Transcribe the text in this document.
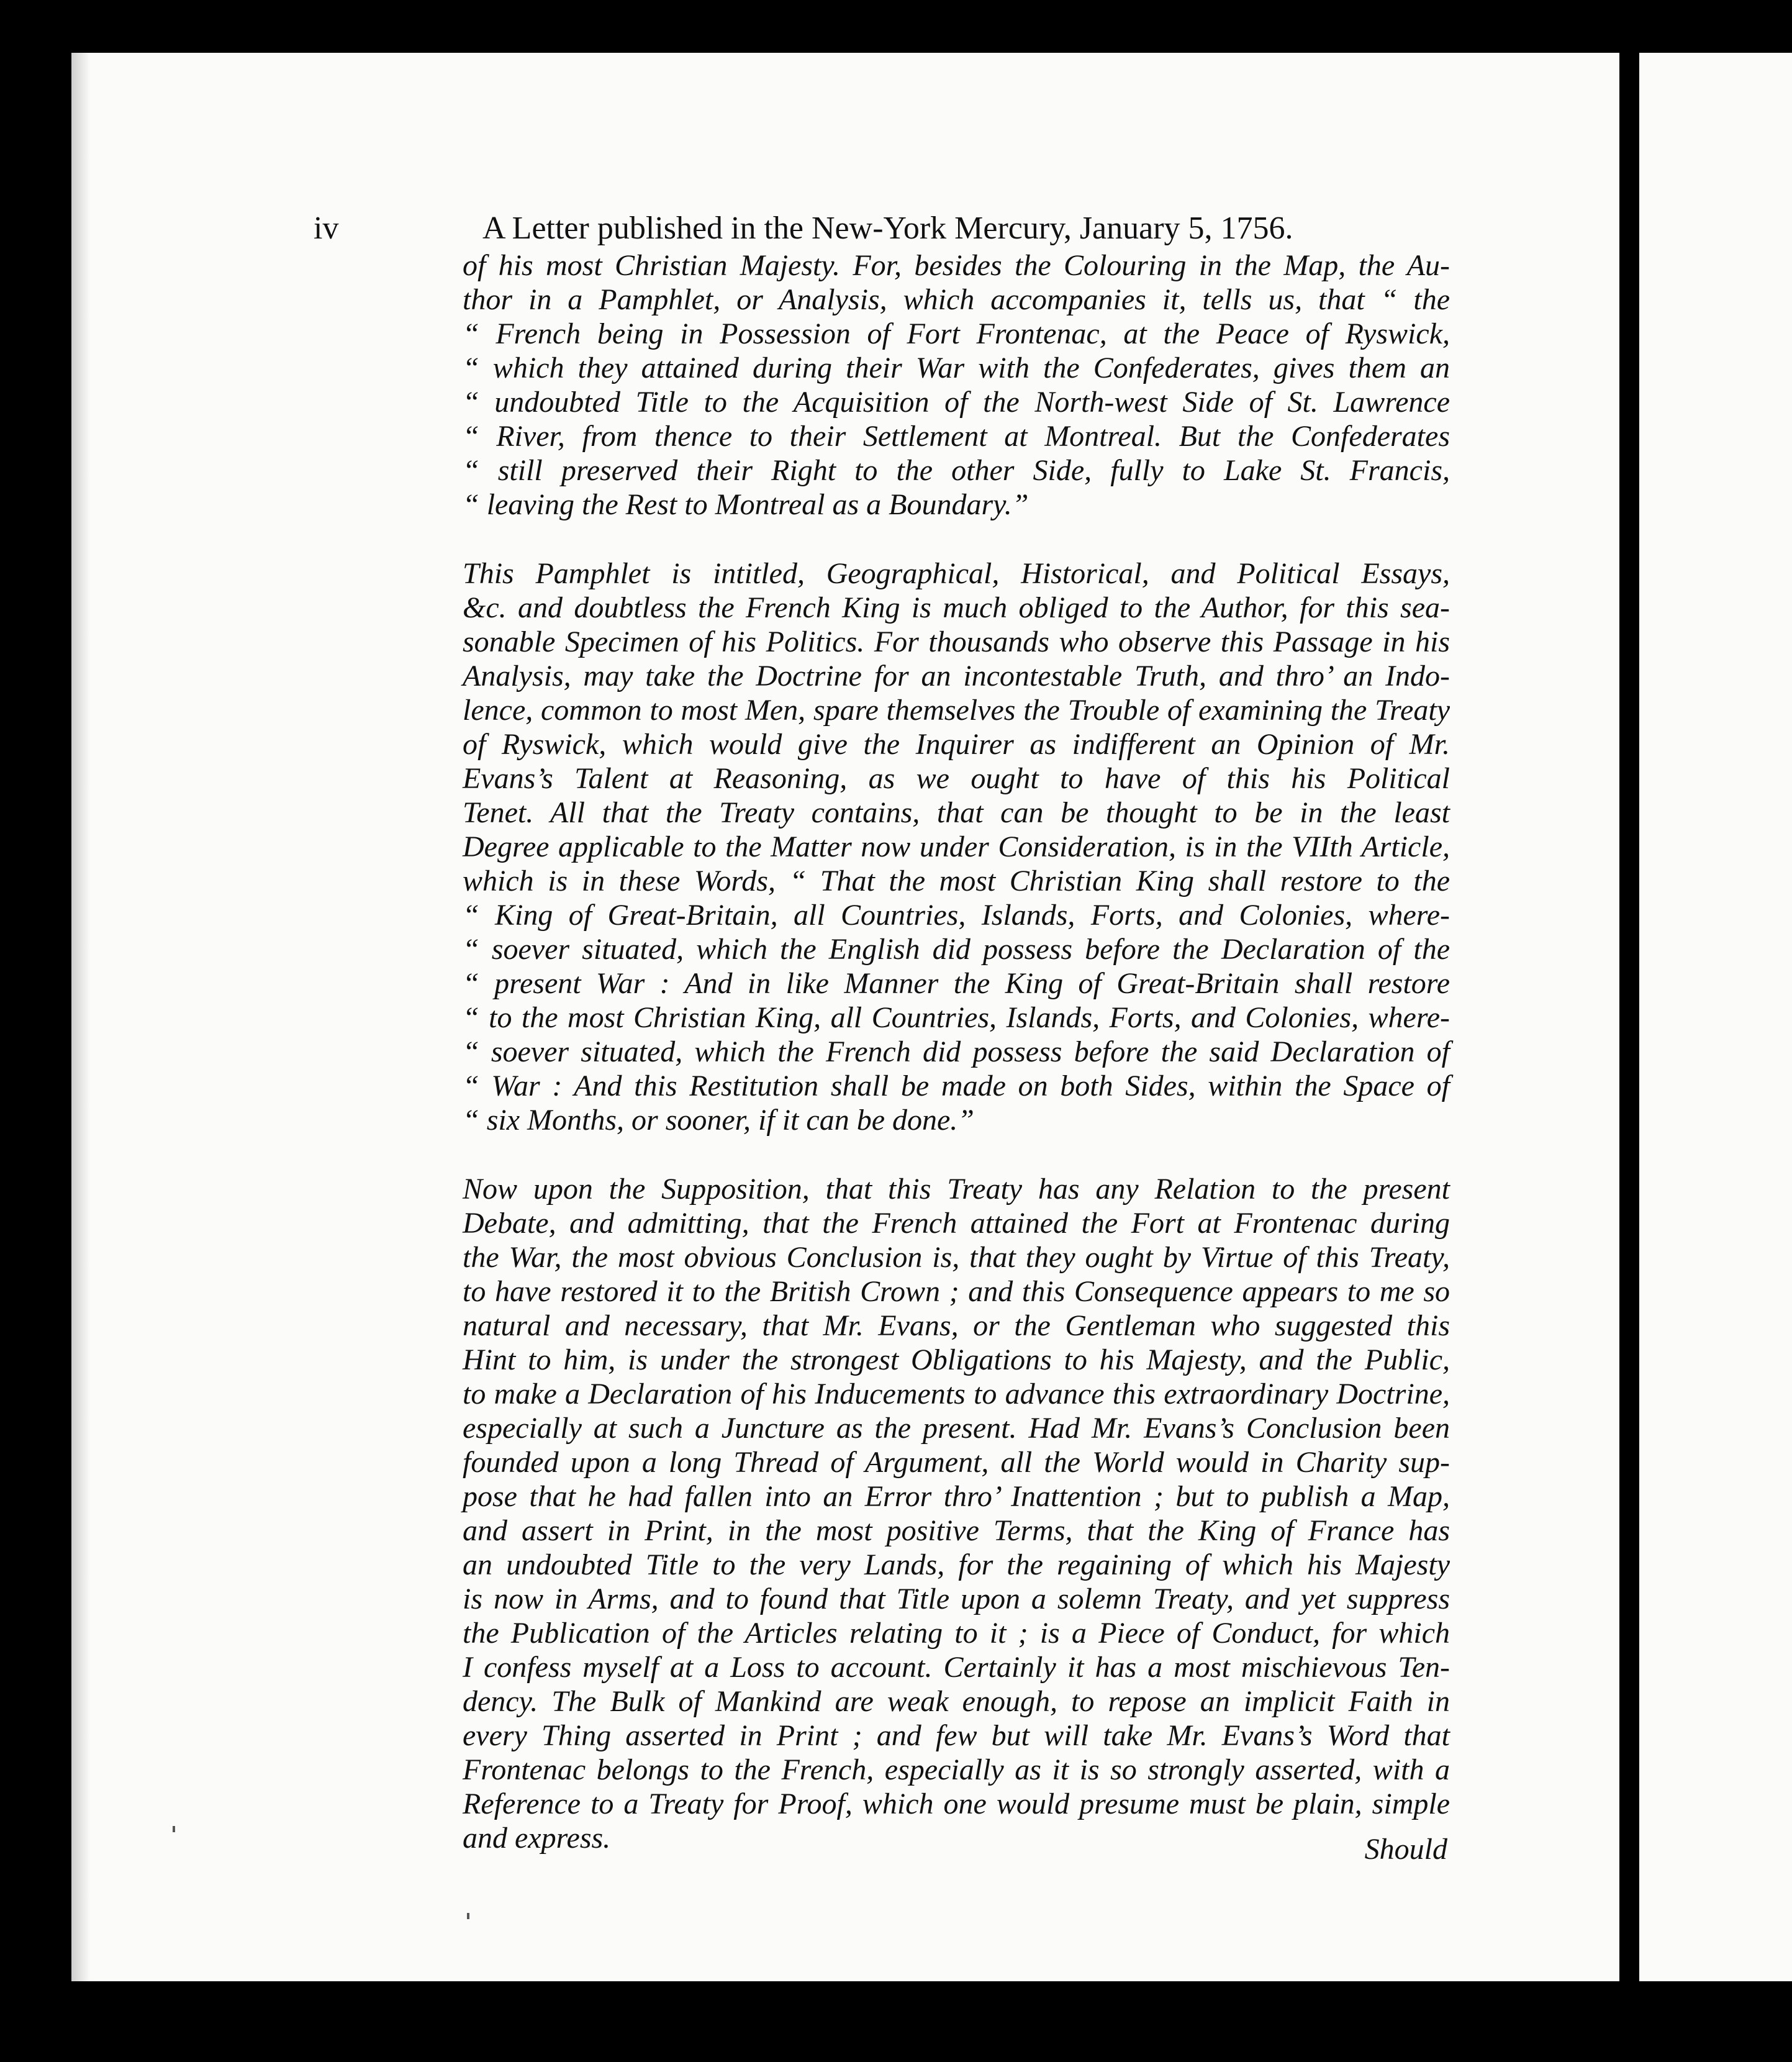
iv	A Letter published in the New-York Mercury, January 5, 1756.
of his most Christian Majesty. For, besides the Colouring in the Map, the Au-
thor in a Pamphlet, or Analysis, which accompanies it, tells us, that “ the
“ French being in Possession of Fort Frontenac, at the Peace of Ryswick,
“ which they attained during their War with the Confederates, gives them an
“ undoubted Title to the Acquisition of the North-west Side of St. Lawrence
“ River, from thence to their Settlement at Montreal. But the Confederates
“ still preserved their Right to the other Side, fully to Lake St. Francis,
“ leaving the Rest to Montreal as a Boundary.”
This Pamphlet is intitled, Geographical, Historical, and Political Essays,
&c. and doubtless the French King is much obliged to the Author, for this sea-
sonable Specimen of his Politics. For thousands who observe this Passage in his
Analysis, may take the Doctrine for an incontestable Truth, and thro’ an Indo-
lence, common to most Men, spare themselves the Trouble of examining the Treaty
of Ryswick, which would give the Inquirer as indifferent an Opinion of Mr.
Evans’s Talent at Reasoning, as we ought to have of this his Political
Tenet. All that the Treaty contains, that can be thought to be in the least
Degree applicable to the Matter now under Consideration, is in the VIIth Article,
which is in these Words, “ That the most Christian King shall restore to the
“ King of Great-Britain, all Countries, Islands, Forts, and Colonies, where-
“ soever situated, which the English did possess before the Declaration of the
“ present War : And in like Manner the King of Great-Britain shall restore
“ to the most Christian King, all Countries, Islands, Forts, and Colonies, where-
“ soever situated, which the French did possess before the said Declaration of
“ War : And this Restitution shall be made on both Sides, within the Space of
“ six Months, or sooner, if it can be done.”
Now upon the Supposition, that this Treaty has any Relation to the present
Debate, and admitting, that the French attained the Fort at Frontenac during
the War, the most obvious Conclusion is, that they ought by Virtue of this Treaty,
to have restored it to the British Crown ; and this Consequence appears to me so
natural and necessary, that Mr. Evans, or the Gentleman who suggested this
Hint to him, is under the strongest Obligations to his Majesty, and the Public,
to make a Declaration of his Inducements to advance this extraordinary Doctrine,
especially at such a Juncture as the present. Had Mr. Evans’s Conclusion been
founded upon a long Thread of Argument, all the World would in Charity sup-
pose that he had fallen into an Error thro’ Inattention ; but to publish a Map,
and assert in Print, in the most positive Terms, that the King of France has
an undoubted Title to the very Lands, for the regaining of which his Majesty
is now in Arms, and to found that Title upon a solemn Treaty, and yet suppress
the Publication of the Articles relating to it ; is a Piece of Conduct, for which
I confess myself at a Loss to account. Certainly it has a most mischievous Ten-
dency. The Bulk of Mankind are weak enough, to repose an implicit Faith in
every Thing asserted in Print ; and few but will take Mr. Evans’s Word that
Frontenac belongs to the French, especially as it is so strongly asserted, with a
Reference to a Treaty for Proof, which one would presume must be plain, simple
and express.	Should
